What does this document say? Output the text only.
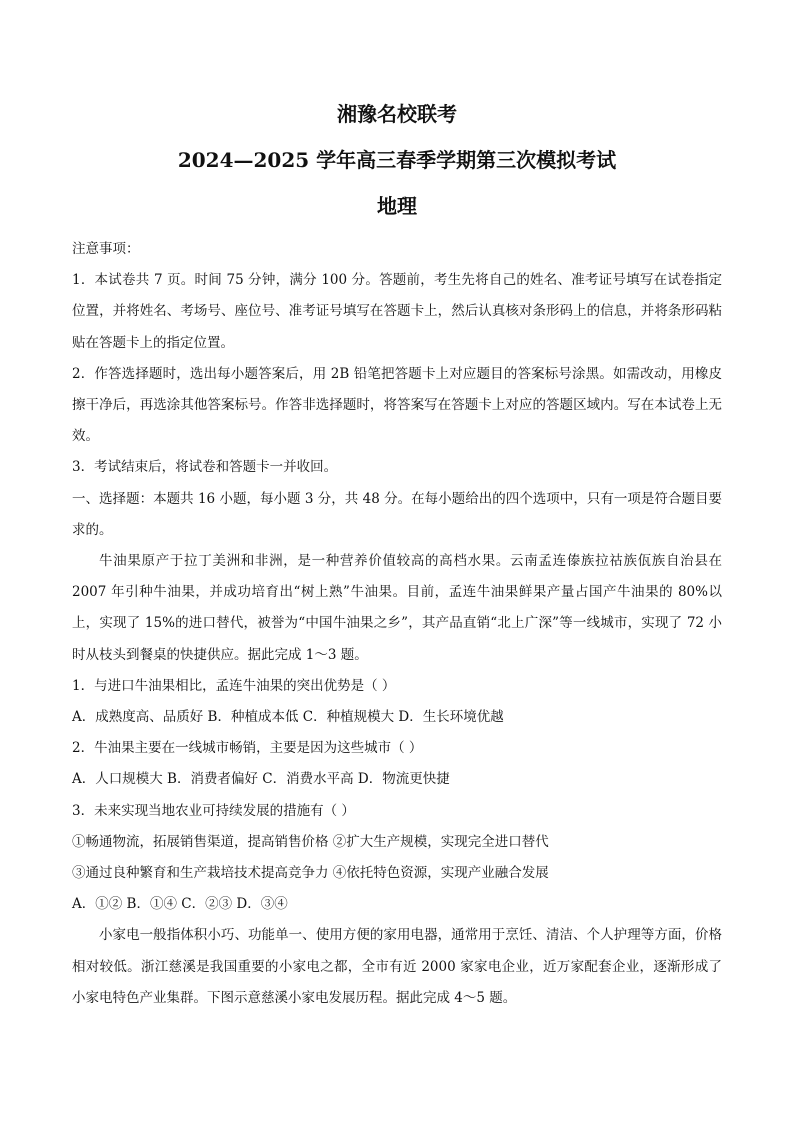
湘豫名校联考

2024—2025 学年高三春季学期第三次模拟考试

地理

注意事项：

1．本试卷共 7 页。时间 75 分钟，满分 100 分。答题前，考生先将自己的姓名、准考证号填写在试卷指定位置，并将姓名、考场号、座位号、准考证号填写在答题卡上，然后认真核对条形码上的信息，并将条形码粘贴在答题卡上的指定位置。

2．作答选择题时，选出每小题答案后，用 2B 铅笔把答题卡上对应题目的答案标号涂黑。如需改动，用橡皮擦干净后，再选涂其他答案标号。作答非选择题时，将答案写在答题卡上对应的答题区域内。写在本试卷上无效。

3．考试结束后，将试卷和答题卡一并收回。

一、选择题：本题共 16 小题，每小题 3 分，共 48 分。在每小题给出的四个选项中，只有一项是符合题目要求的。

牛油果原产于拉丁美洲和非洲，是一种营养价值较高的高档水果。云南孟连傣族拉祜族佤族自治县在 2007 年引种牛油果，并成功培育出“树上熟”牛油果。目前，孟连牛油果鲜果产量占国产牛油果的 80%以上，实现了 15%的进口替代，被誉为“中国牛油果之乡”，其产品直销“北上广深”等一线城市，实现了 72 小时从枝头到餐桌的快捷供应。据此完成 1～3 题。

1．与进口牛油果相比，孟连牛油果的突出优势是（ ）

A．成熟度高、品质好 B．种植成本低 C．种植规模大 D．生长环境优越

2．牛油果主要在一线城市畅销，主要是因为这些城市（ ）

A．人口规模大 B．消费者偏好 C．消费水平高 D．物流更快捷

3．未来实现当地农业可持续发展的措施有（ ）

①畅通物流，拓展销售渠道，提高销售价格 ②扩大生产规模，实现完全进口替代

③通过良种繁育和生产栽培技术提高竞争力 ④依托特色资源，实现产业融合发展

A．①② B．①④ C．②③ D．③④

小家电一般指体积小巧、功能单一、使用方便的家用电器，通常用于烹饪、清洁、个人护理等方面，价格相对较低。浙江慈溪是我国重要的小家电之都，全市有近 2000 家家电企业，近万家配套企业，逐渐形成了小家电特色产业集群。下图示意慈溪小家电发展历程。据此完成 4～5 题。
